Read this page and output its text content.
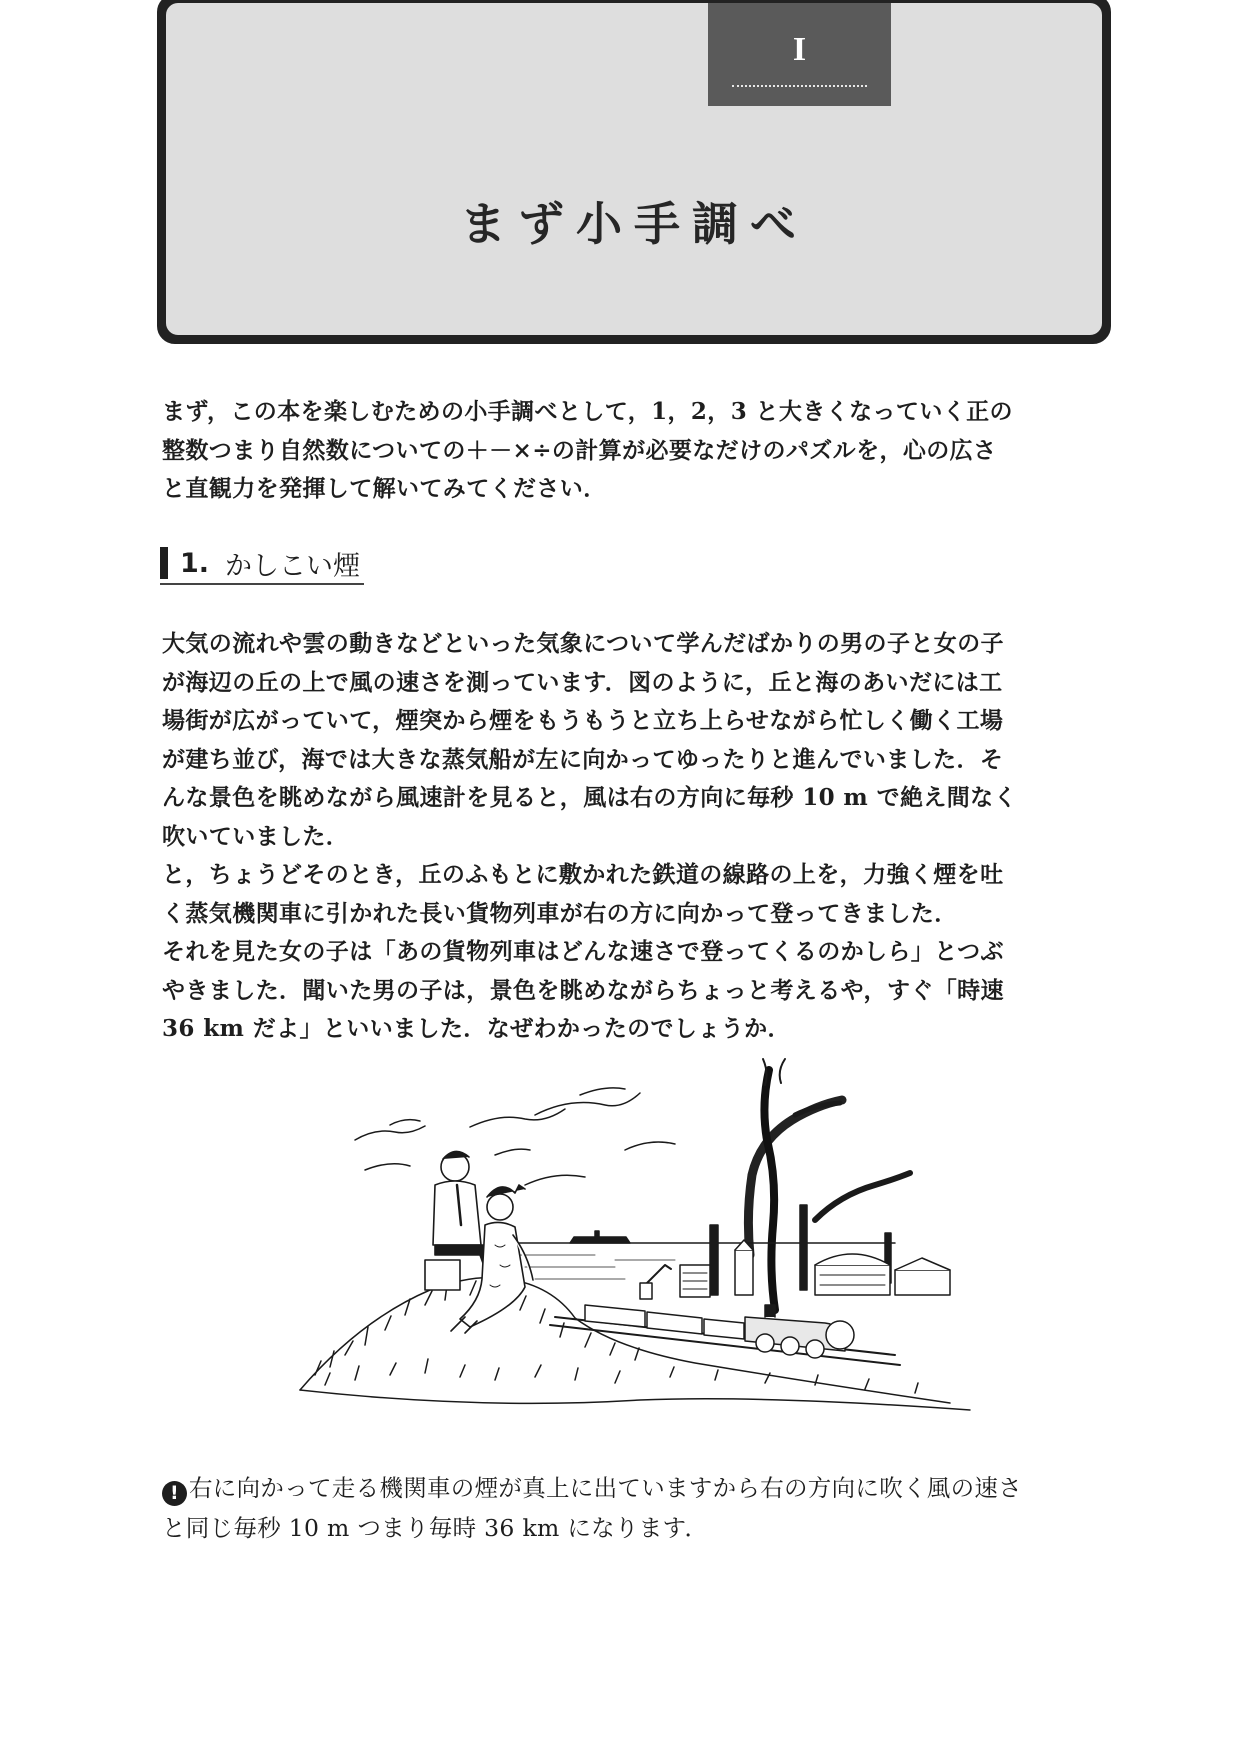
I
まず小手調べ
まず，この本を楽しむための小手調べとして，1，2，3 と大きくなっていく正の
整数つまり自然数についての＋－×÷の計算が必要なだけのパズルを，心の広さ
と直観力を発揮して解いてみてください．
1. かしこい煙
大気の流れや雲の動きなどといった気象について学んだばかりの男の子と女の子
が海辺の丘の上で風の速さを測っています．図のように，丘と海のあいだには工
場街が広がっていて，煙突から煙をもうもうと立ち上らせながら忙しく働く工場
が建ち並び，海では大きな蒸気船が左に向かってゆったりと進んでいました．そ
んな景色を眺めながら風速計を見ると，風は右の方向に毎秒 10 m で絶え間なく
吹いていました．
と，ちょうどそのとき，丘のふもとに敷かれた鉄道の線路の上を，力強く煙を吐
く蒸気機関車に引かれた長い貨物列車が右の方に向かって登ってきました．
それを見た女の子は「あの貨物列車はどんな速さで登ってくるのかしら」とつぶ
やきました．聞いた男の子は，景色を眺めながらちょっと考えるや，すぐ「時速
36 km だよ」といいました．なぜわかったのでしょうか．
! 右に向かって走る機関車の煙が真上に出ていますから右の方向に吹く風の速さ
と同じ毎秒 10 m つまり毎時 36 km になります．
